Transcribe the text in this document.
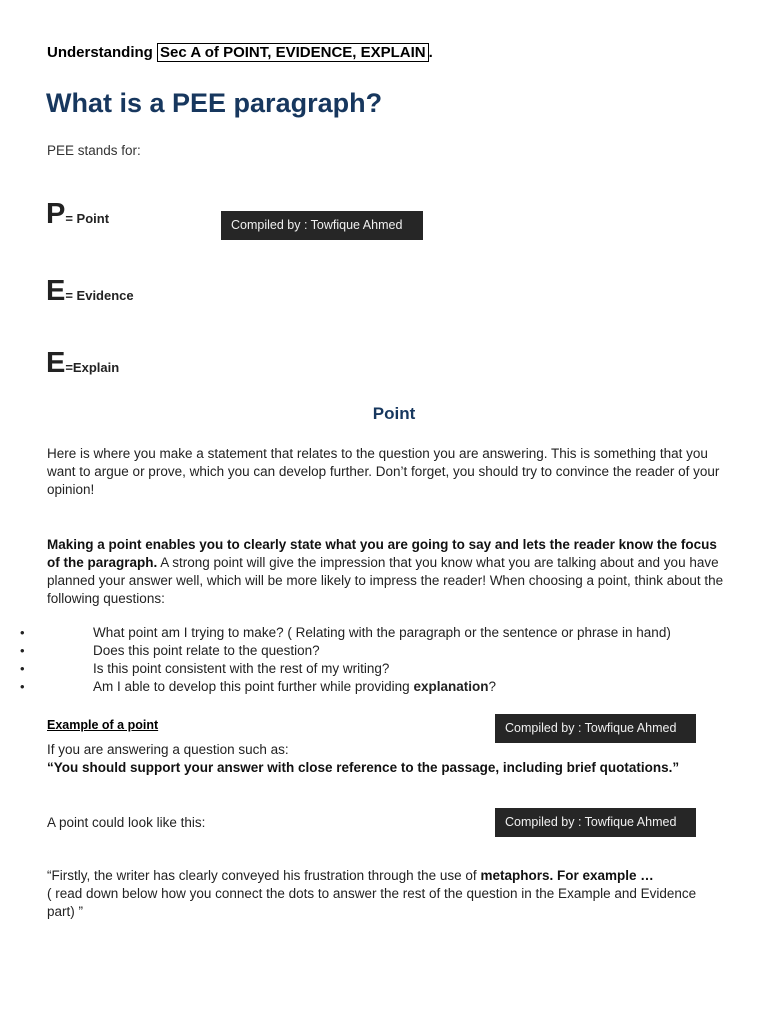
Understanding Sec A of POINT, EVIDENCE, EXPLAIN .
What is a PEE paragraph?
PEE stands for:
P= Point
E= Evidence
E=Explain
Compiled by : Towfique Ahmed
Compiled by : Towfique Ahmed
Compiled by : Towfique Ahmed
Point
Here is where you make a statement that relates to the question you are answering. This is something that you want to argue or prove, which you can develop further. Don’t forget, you should try to convince the reader of your opinion!
Making a point enables you to clearly state what you are going to say and lets the reader know the focus of the paragraph. A strong point will give the impression that you know what you are talking about and you have planned your answer well, which will be more likely to impress the reader! When choosing a point, think about the following questions:
•	What point am I trying to make? ( Relating with the paragraph or the sentence or phrase in hand)
•	Does this point relate to the question?
•	Is this point consistent with the rest of my writing?
•	Am I able to develop this point further while providing explanation?
Example of a point
If you are answering a question such as:
“You should support your answer with close reference to the passage, including brief quotations.”
A point could look like this:
“Firstly, the writer has clearly conveyed his frustration through the use of metaphors. For example …
( read down below how you connect the dots to answer the rest of the question in the Example and Evidence part) ”
